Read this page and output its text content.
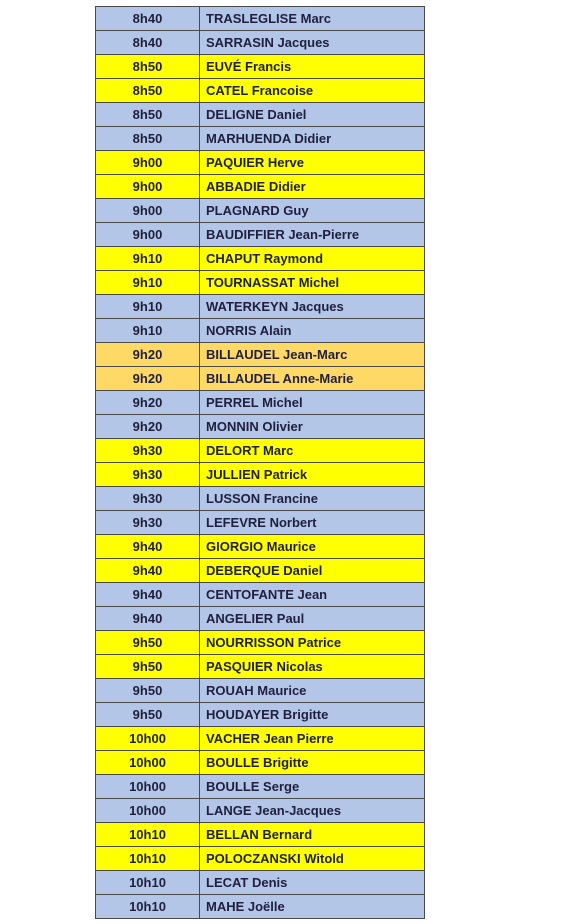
8h40	TRASLEGLISE Marc
8h40	SARRASIN Jacques
8h50	EUVÉ Francis
8h50	CATEL Francoise
8h50	DELIGNE Daniel
8h50	MARHUENDA Didier
9h00	PAQUIER Herve
9h00	ABBADIE Didier
9h00	PLAGNARD Guy
9h00	BAUDIFFIER Jean-Pierre
9h10	CHAPUT Raymond
9h10	TOURNASSAT Michel
9h10	WATERKEYN Jacques
9h10	NORRIS Alain
9h20	BILLAUDEL Jean-Marc
9h20	BILLAUDEL Anne-Marie
9h20	PERREL Michel
9h20	MONNIN Olivier
9h30	DELORT Marc
9h30	JULLIEN Patrick
9h30	LUSSON Francine
9h30	LEFEVRE Norbert
9h40	GIORGIO Maurice
9h40	DEBERQUE Daniel
9h40	CENTOFANTE Jean
9h40	ANGELIER Paul
9h50	NOURRISSON Patrice
9h50	PASQUIER Nicolas
9h50	ROUAH Maurice
9h50	HOUDAYER Brigitte
10h00	VACHER Jean Pierre
10h00	BOULLE Brigitte
10h00	BOULLE Serge
10h00	LANGE Jean-Jacques
10h10	BELLAN Bernard
10h10	POLOCZANSKI Witold
10h10	LECAT Denis
10h10	MAHE Joëlle
